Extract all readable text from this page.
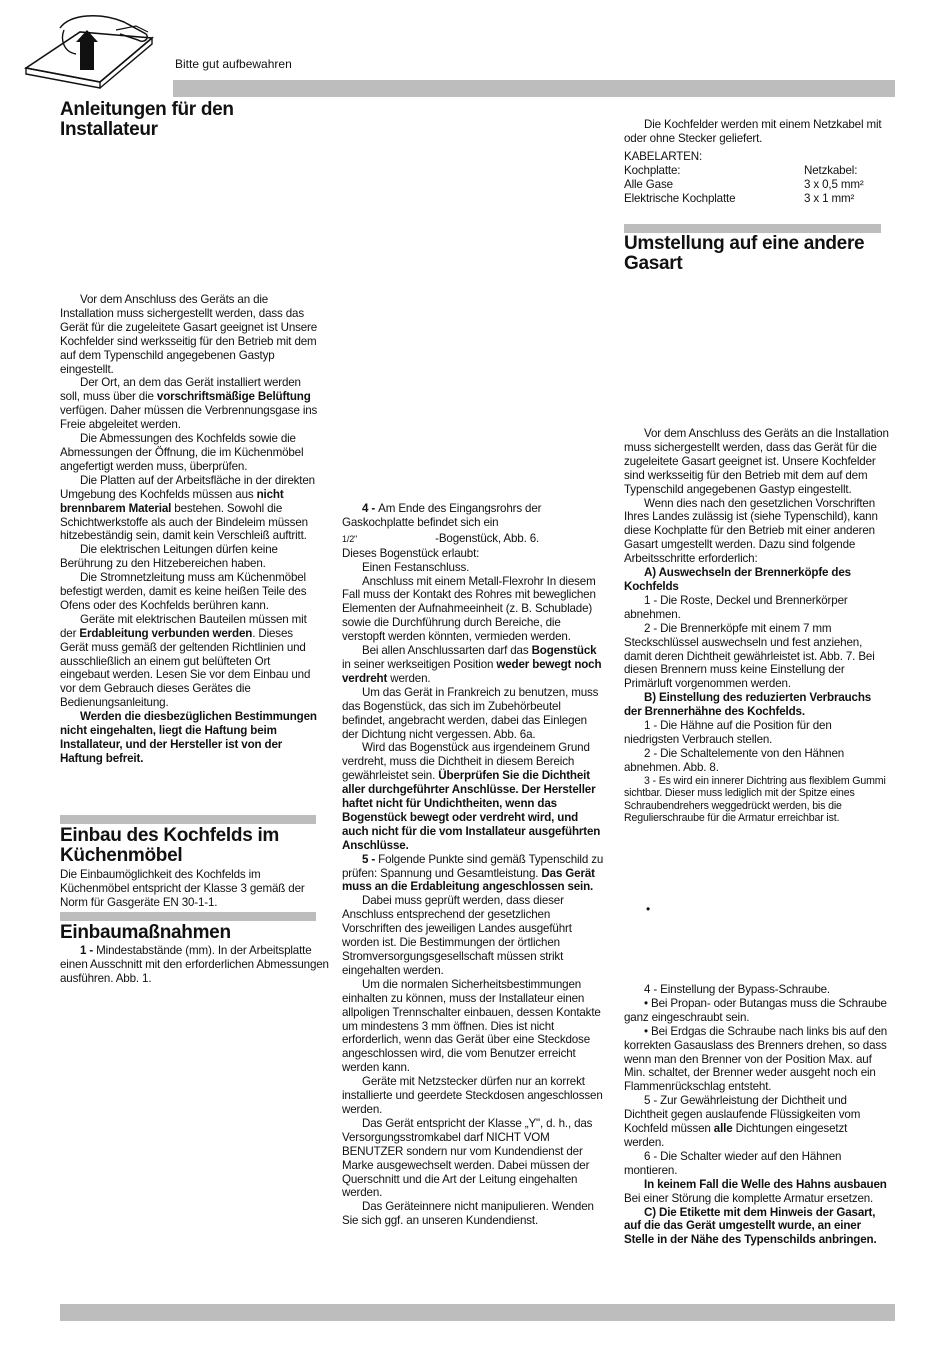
Bitte gut aufbewahren
Anleitungen für den Installateur

Vor dem Anschluss des Geräts an die Installation muss sichergestellt werden, dass das Gerät für die zugeleitete Gasart geeignet ist Unsere Kochfelder sind werksseitig für den Betrieb mit dem auf dem Typenschild angegebenen Gastyp eingestellt.

Der Ort, an dem das Gerät installiert werden soll, muss über die vorschriftsmäßige Belüftung verfügen. Daher müssen die Verbrennungsgase ins Freie abgeleitet werden.

Die Abmessungen des Kochfelds sowie die Abmessungen der Öffnung, die im Küchenmöbel angefertigt werden muss, überprüfen.

Die Platten auf der Arbeitsfläche in der direkten Umgebung des Kochfelds müssen aus nicht brennbarem Material bestehen. Sowohl die Schichtwerkstoffe als auch der Bindeleim müssen hitzebeständig sein, damit kein Verschleiß auftritt.

Die elektrischen Leitungen dürfen keine Berührung zu den Hitzebereichen haben.

Die Stromnetzleitung muss am Küchenmöbel befestigt werden, damit es keine heißen Teile des Ofens oder des Kochfelds berühren kann.

Geräte mit elektrischen Bauteilen müssen mit der Erdableitung verbunden werden. Dieses Gerät muss gemäß der geltenden Richtlinien und ausschließlich an einem gut belüfteten Ort eingebaut werden. Lesen Sie vor dem Einbau und vor dem Gebrauch dieses Gerätes die Bedienungsanleitung.

Werden die diesbezüglichen Bestimmungen nicht eingehalten, liegt die Haftung beim Installateur, und der Hersteller ist von der Haftung befreit.

Einbau des Kochfelds im Küchenmöbel

Die Einbaumöglichkeit des Kochfelds im Küchenmöbel entspricht der Klasse 3 gemäß der Norm für Gasgeräte EN 30-1-1.

Einbaumaßnahmen

1 - Mindestabstände (mm). In der Arbeitsplatte einen Ausschnitt mit den erforderlichen Abmessungen ausführen. Abb. 1.

4 - Am Ende des Eingangsrohrs der Gaskochplatte befindet sich ein

1/2"	-Bogenstück, Abb. 6.

Dieses Bogenstück erlaubt:

Einen Festanschluss.

Anschluss mit einem Metall-Flexrohr In diesem Fall muss der Kontakt des Rohres mit beweglichen Elementen der Aufnahmeeinheit (z. B. Schublade) sowie die Durchführung durch Bereiche, die verstopft werden könnten, vermieden werden.

Bei allen Anschlussarten darf das Bogenstück in seiner werkseitigen Position weder bewegt noch verdreht werden.

Um das Gerät in Frankreich zu benutzen, muss das Bogenstück, das sich im Zubehörbeutel befindet, angebracht werden, dabei das Einlegen der Dichtung nicht vergessen. Abb. 6a.

Wird das Bogenstück aus irgendeinem Grund verdreht, muss die Dichtheit in diesem Bereich gewährleistet sein. Überprüfen Sie die Dichtheit aller durchgeführter Anschlüsse. Der Hersteller haftet nicht für Undichtheiten, wenn das Bogenstück bewegt oder verdreht wird, und auch nicht für die vom Installateur ausgeführten Anschlüsse.

5 - Folgende Punkte sind gemäß Typenschild zu prüfen: Spannung und Gesamtleistung. Das Gerät muss an die Erdableitung angeschlossen sein.

Dabei muss geprüft werden, dass dieser Anschluss entsprechend der gesetzlichen Vorschriften des jeweiligen Landes ausgeführt worden ist. Die Bestimmungen der örtlichen Stromversorgungsgesellschaft müssen strikt eingehalten werden.

Um die normalen Sicherheitsbestimmungen einhalten zu können, muss der Installateur einen allpoligen Trennschalter einbauen, dessen Kontakte um mindestens 3 mm öffnen. Dies ist nicht erforderlich, wenn das Gerät über eine Steckdose angeschlossen wird, die vom Benutzer erreicht werden kann.

Geräte mit Netzstecker dürfen nur an korrekt installierte und geerdete Steckdosen angeschlossen werden.

Das Gerät entspricht der Klasse „Y", d. h., das Versorgungsstromkabel darf NICHT VOM BENUTZER sondern nur vom Kundendienst der Marke ausgewechselt werden. Dabei müssen der Querschnitt und die Art der Leitung eingehalten werden.

Das Geräteinnere nicht manipulieren. Wenden Sie sich ggf. an unseren Kundendienst.

Die Kochfelder werden mit einem Netzkabel mit oder ohne Stecker geliefert.

KABELARTEN:

Kochplatte:	Netzkabel:
Alle Gase	3 x 0,5 mm²
Elektrische Kochplatte	3 x 1 mm²
Umstellung auf eine andere Gasart

Vor dem Anschluss des Geräts an die Installation muss sichergestellt werden, dass das Gerät für die zugeleitete Gasart geeignet ist. Unsere Kochfelder sind werksseitig für den Betrieb mit dem auf dem Typenschild angegebenen Gastyp eingestellt.

Wenn dies nach den gesetzlichen Vorschriften Ihres Landes zulässig ist (siehe Typenschild), kann diese Kochplatte für den Betrieb mit einer anderen Gasart umgestellt werden. Dazu sind folgende Arbeitsschritte erforderlich:

A) Auswechseln der Brennerköpfe des Kochfelds

1 - Die Roste, Deckel und Brennerkörper abnehmen.

2 - Die Brennerköpfe mit einem 7 mm Steckschlüssel auswechseln und fest anziehen, damit deren Dichtheit gewährleistet ist. Abb. 7. Bei diesen Brennern muss keine Einstellung der Primärluft vorgenommen werden.

B) Einstellung des reduzierten Verbrauchs der Brennerhähne des Kochfelds.

1 - Die Hähne auf die Position für den niedrigsten Verbrauch stellen.

2 - Die Schaltelemente von den Hähnen abnehmen. Abb. 8.

3 - Es wird ein innerer Dichtring aus flexiblem Gummi sichtbar. Dieser muss lediglich mit der Spitze eines Schraubendrehers weggedrückt werden, bis die Regulierschraube für die Armatur erreichbar ist.

•

4 - Einstellung der Bypass-Schraube.

• Bei Propan- oder Butangas muss die Schraube ganz eingeschraubt sein.

• Bei Erdgas die Schraube nach links bis auf den korrekten Gasauslass des Brenners drehen, so dass wenn man den Brenner von der Position Max. auf Min. schaltet, der Brenner weder ausgeht noch ein Flammenrückschlag entsteht.

5 - Zur Gewährleistung der Dichtheit und Dichtheit gegen auslaufende Flüssigkeiten vom Kochfeld müssen alle Dichtungen eingesetzt werden.

6 - Die Schalter wieder auf den Hähnen montieren.

In keinem Fall die Welle des Hahns ausbauen Bei einer Störung die komplette Armatur ersetzen.

C) Die Etikette mit dem Hinweis der Gasart, auf die das Gerät umgestellt wurde, an einer Stelle in der Nähe des Typenschilds anbringen.
